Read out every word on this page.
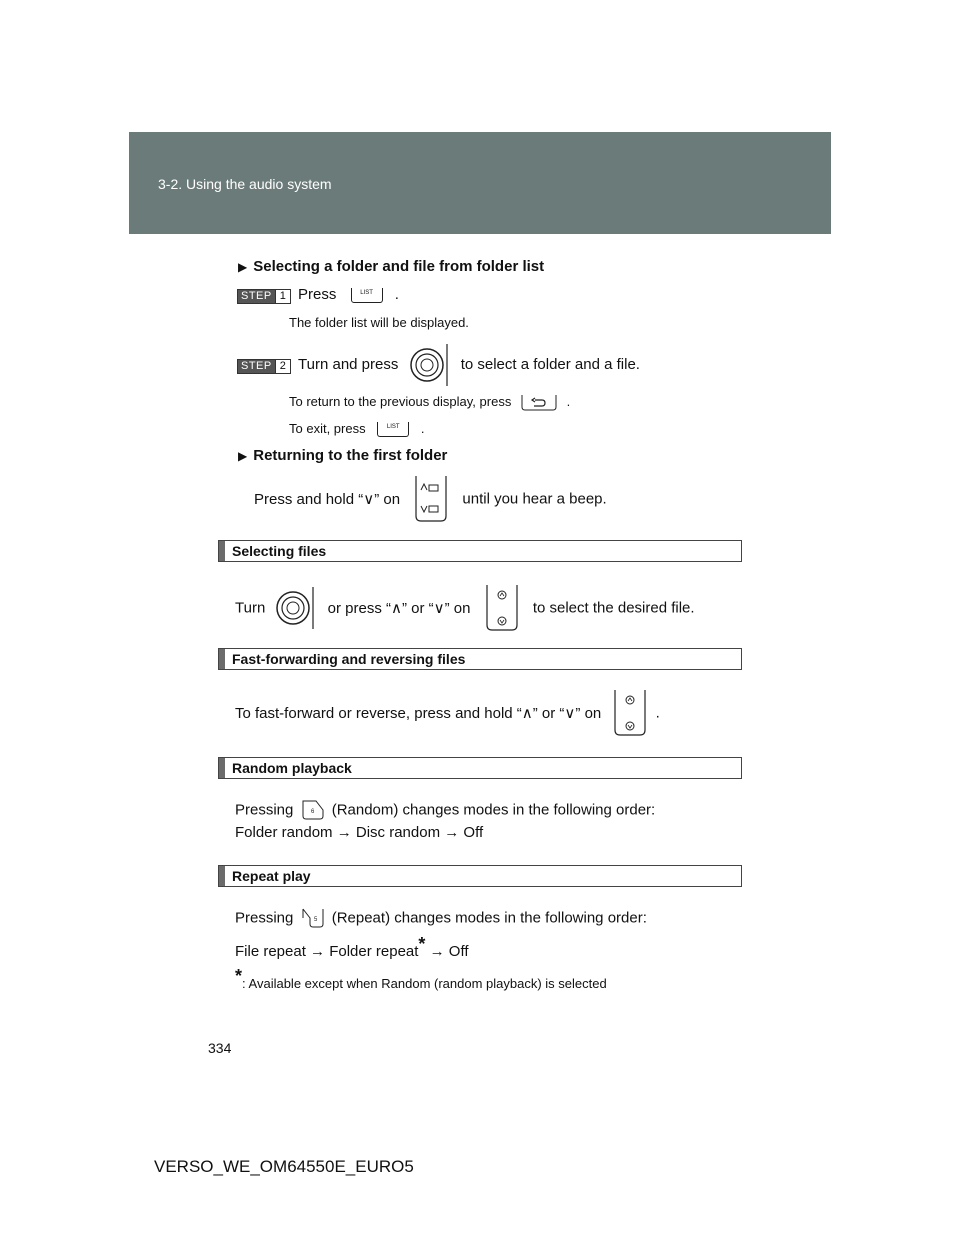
3-2. Using the audio system
▶ Selecting a folder and file from folder list
STEP 1 Press	LIST	.
The folder list will be displayed.
STEP 2 Turn and press	to select a folder and a file.
To return to the previous display, press	.
To exit, press	LIST	.
▶ Returning to the first folder
Press and hold “∨” on	until you hear a beep.
Selecting files
Turn	or press “∧” or “∨” on	to select the desired file.
Fast-forwarding and reversing files
To fast-forward or reverse, press and hold “∧” or “∨” on	.
Random playback
Pressing	6 (Random) changes modes in the following order:
Folder random → Disc random → Off
Repeat play
Pressing	5 (Repeat) changes modes in the following order:
File repeat → Folder repeat* → Off
*: Available except when Random (random playback) is selected
334
VERSO_WE_OM64550E_EURO5
